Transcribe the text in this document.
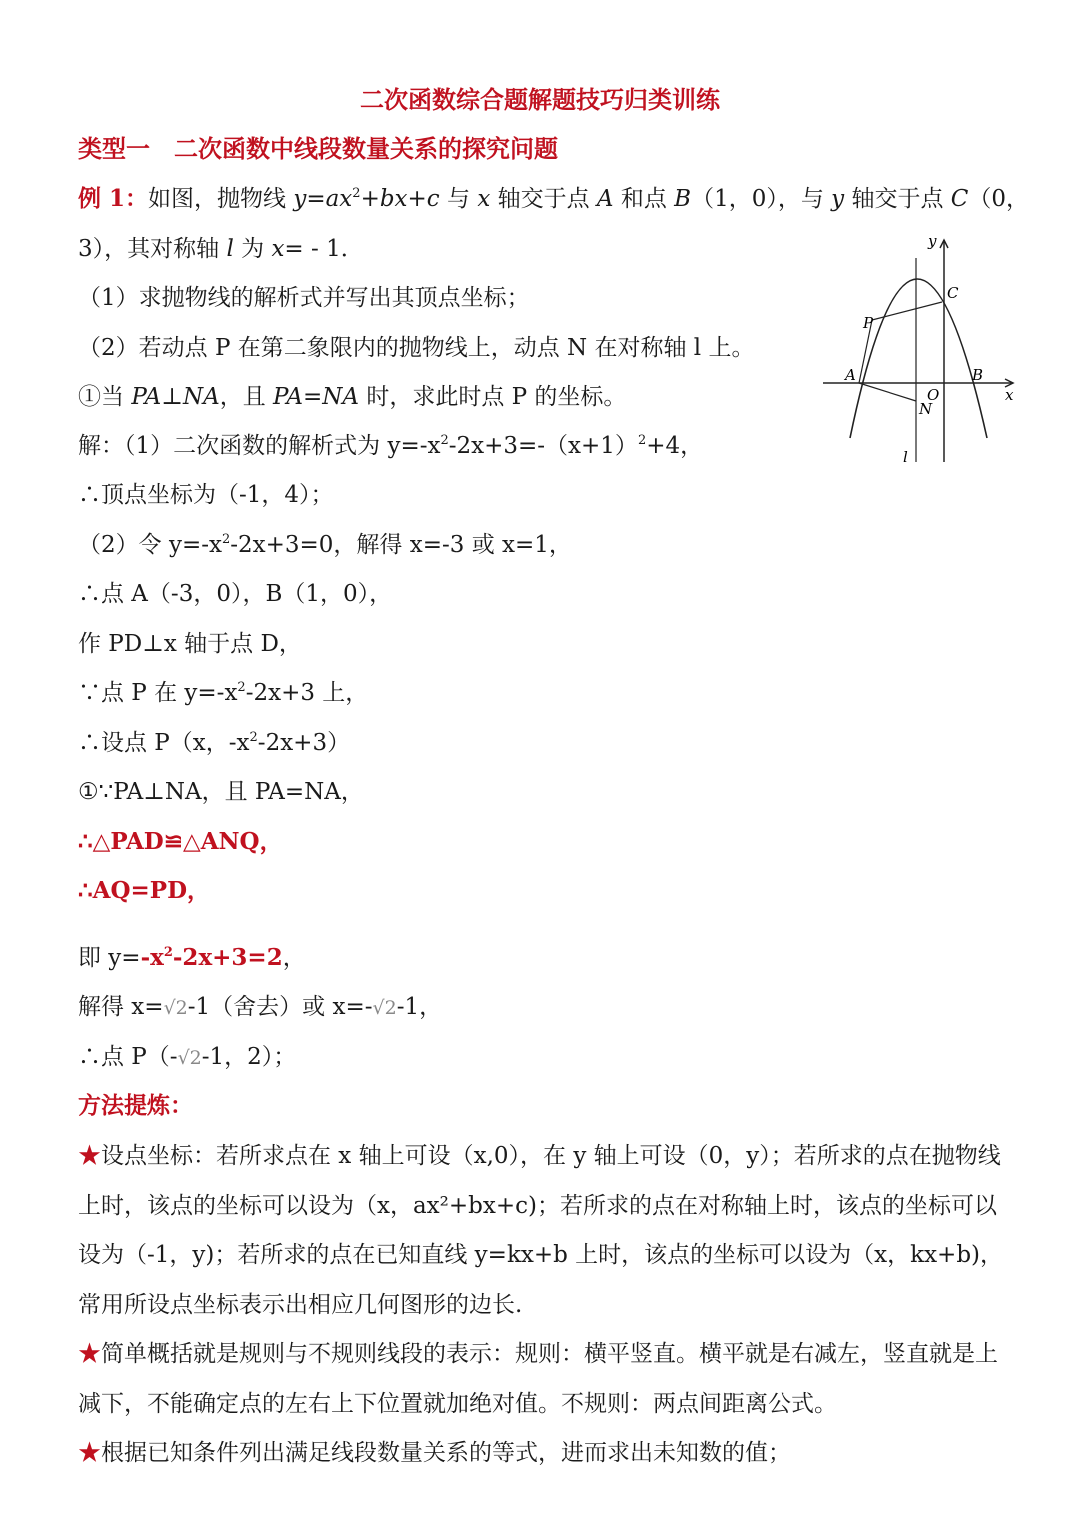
二次函数综合题解题技巧归类训练
类型一　二次函数中线段数量关系的探究问题
例 1：如图，抛物线 $y=ax^2+bx+c$ 与 x 轴交于点 A 和点 B（1，0），与 y 轴交于点 C（0，
3），其对称轴 l 为 x= ‑ 1．
（1）求抛物线的解析式并写出其顶点坐标；
（2）若动点 P 在第二象限内的抛物线上，动点 N 在对称轴 l 上。
①当 PA⊥NA，且 PA=NA 时，求此时点 P 的坐标。
解：（1）二次函数的解析式为 $y=-x^2-2x+3=-(x+1)^2+4$，
∴顶点坐标为（-1，4）；
（2）令 $y=-x^2-2x+3=0$，解得 x=-3 或 x=1，
∴点 A（-3，0），B（1，0），
作 PD⊥x 轴于点 D，
∵点 P 在 $y=-x^2-2x+3$ 上，
∴设点 P（x，$-x^2-2x+3$）
①∵PA⊥NA，且 PA=NA，
∴△PAD≌△ANQ，
∴AQ=PD，
即 $y=-x^2-2x+3=2$，
解得 x=√2-1（舍去）或 x=-√2-1，
∴点 P（-√2-1，2）；
方法提炼：
★设点坐标：若所求点在 x 轴上可设（x,0），在 y 轴上可设（0，y）；若所求的点在抛物线上时，该点的坐标可以设为（x，ax²+bx+c)；若所求的点在对称轴上时，该点的坐标可以设为（-1，y)；若所求的点在已知直线 y=kx+b 上时，该点的坐标可以设为（x，kx+b)，常用所设点坐标表示出相应几何图形的边长.
★简单概括就是规则与不规则线段的表示：规则：横平竖直。横平就是右减左，竖直就是上减下，不能确定点的左右上下位置就加绝对值。不规则：两点间距离公式。
★根据已知条件列出满足线段数量关系的等式，进而求出未知数的值；
y
x
C
P
A
O
N
B
l
